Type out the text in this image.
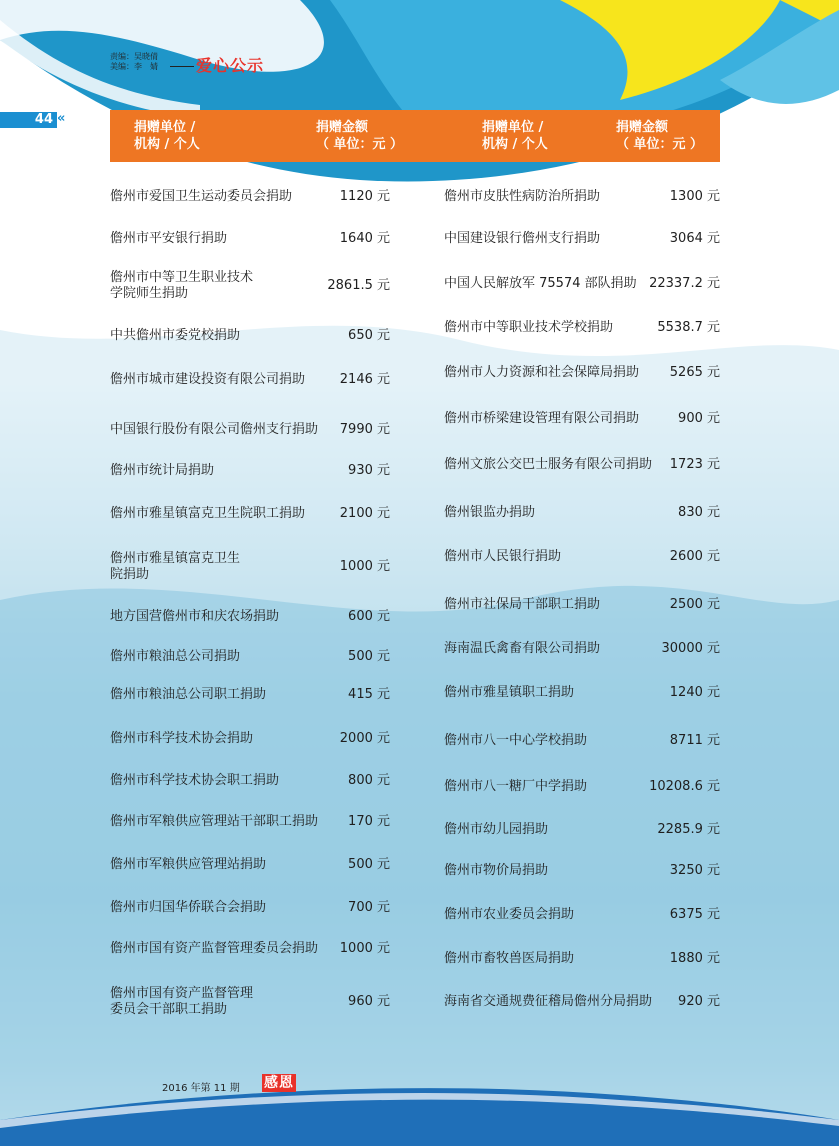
责编：吴晓倩
美编：李　婧 爱心公示
44 «
捐赠单位 /
机构 / 个人
捐赠金额
（ 单位：元 ）
捐赠单位 /
机构 / 个人
捐赠金额
（ 单位：元 ）
儋州市爱国卫生运动委员会捐助	1120 元
儋州市平安银行捐助	1640 元
儋州市中等卫生职业技术
学院师生捐助
2861.5 元
中共儋州市委党校捐助	650 元
儋州市城市建设投资有限公司捐助	2146 元
中国银行股份有限公司儋州支行捐助 7990 元
儋州市统计局捐助	930 元
儋州市雅星镇富克卫生院职工捐助	2100 元
儋州市雅星镇富克卫生
院捐助
1000 元
地方国营儋州市和庆农场捐助	600 元
儋州市粮油总公司捐助	500 元
儋州市粮油总公司职工捐助	415 元
儋州市科学技术协会捐助	2000 元
儋州市科学技术协会职工捐助	800 元
儋州市军粮供应管理站干部职工捐助 170 元
儋州市军粮供应管理站捐助	500 元
儋州市归国华侨联合会捐助	700 元
儋州市国有资产监督管理委员会捐助 1000 元
儋州市国有资产监督管理
委员会干部职工捐助
960 元
儋州市皮肤性病防治所捐助	1300 元
中国建设银行儋州支行捐助	3064 元
中国人民解放军 75574 部队捐助 22337.2 元
儋州市中等职业技术学校捐助	5538.7 元
儋州市人力资源和社会保障局捐助 5265 元
儋州市桥梁建设管理有限公司捐助	900 元
儋州文旅公交巴士服务有限公司捐助 1723 元
儋州银监办捐助	830 元
儋州市人民银行捐助	2600 元
儋州市社保局干部职工捐助	2500 元
海南温氏禽畜有限公司捐助	30000 元
儋州市雅星镇职工捐助	1240 元
儋州市八一中心学校捐助	8711 元
儋州市八一糖厂中学捐助	10208.6 元
儋州市幼儿园捐助	2285.9 元
儋州市物价局捐助	3250 元
儋州市农业委员会捐助	6375 元
儋州市畜牧兽医局捐助	1880 元
海南省交通规费征稽局儋州分局捐助 920 元
2016 年第 11 期 感恩
